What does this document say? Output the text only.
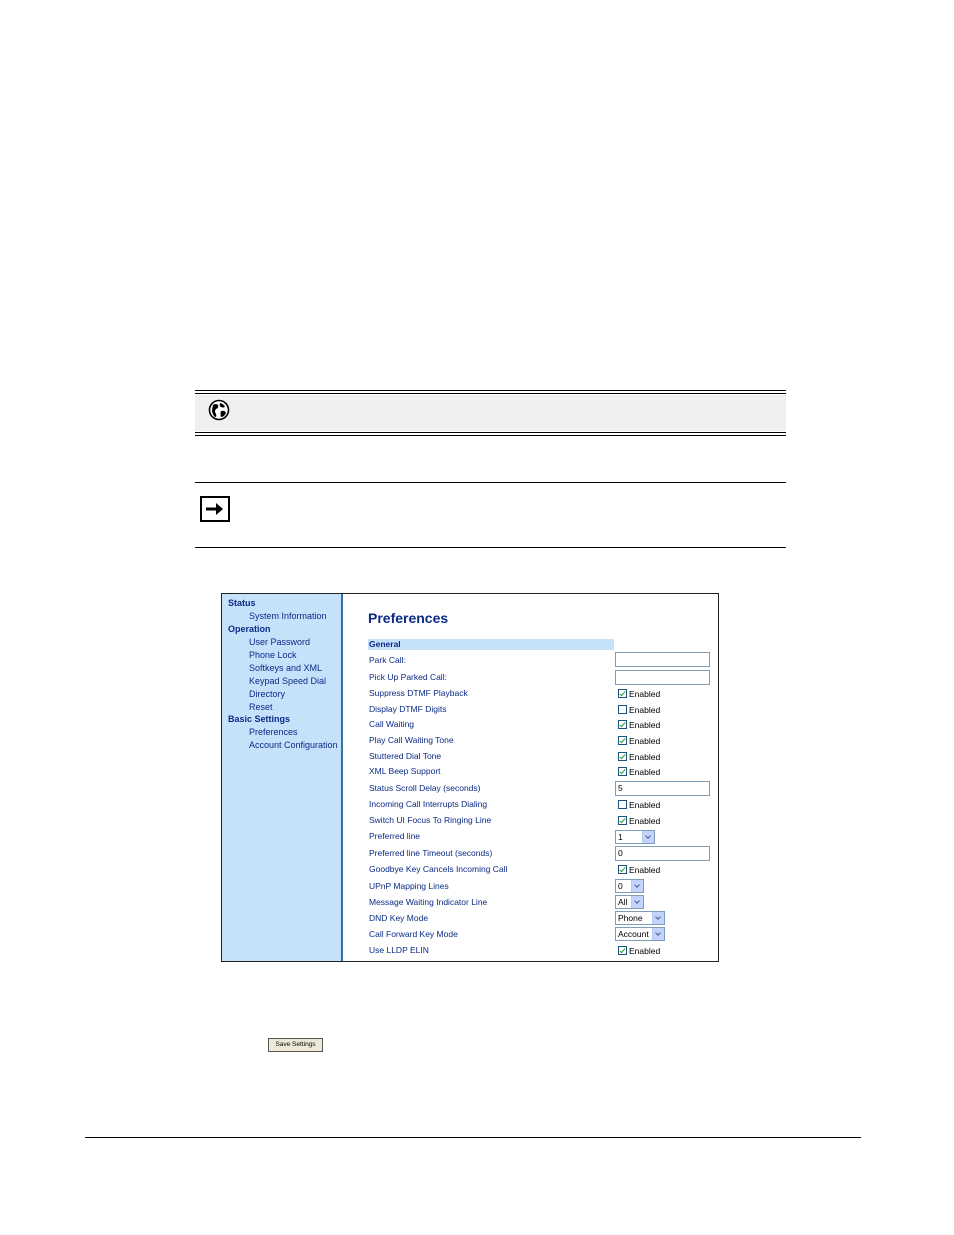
Status
System Information
Operation
User Password
Phone Lock
Softkeys and XML
Keypad Speed Dial
Directory
Reset
Basic Settings
Preferences
Account Configuration
Preferences
General
Park Call:
Pick Up Parked Call:
Suppress DTMF Playback	Enabled
Display DTMF Digits	Enabled
Call Waiting	Enabled
Play Call Waiting Tone	Enabled
Stuttered Dial Tone	Enabled
XML Beep Support	Enabled
Status Scroll Delay (seconds)	5
Incoming Call Interrupts Dialing	Enabled
Switch UI Focus To Ringing Line	Enabled
Preferred line	1
Preferred line Timeout (seconds)	0
Goodbye Key Cancels Incoming Call	Enabled
UPnP Mapping Lines	0
Message Waiting Indicator Line	All
DND Key Mode	Phone
Call Forward Key Mode	Account
Use LLDP ELIN	Enabled
Save Settings
